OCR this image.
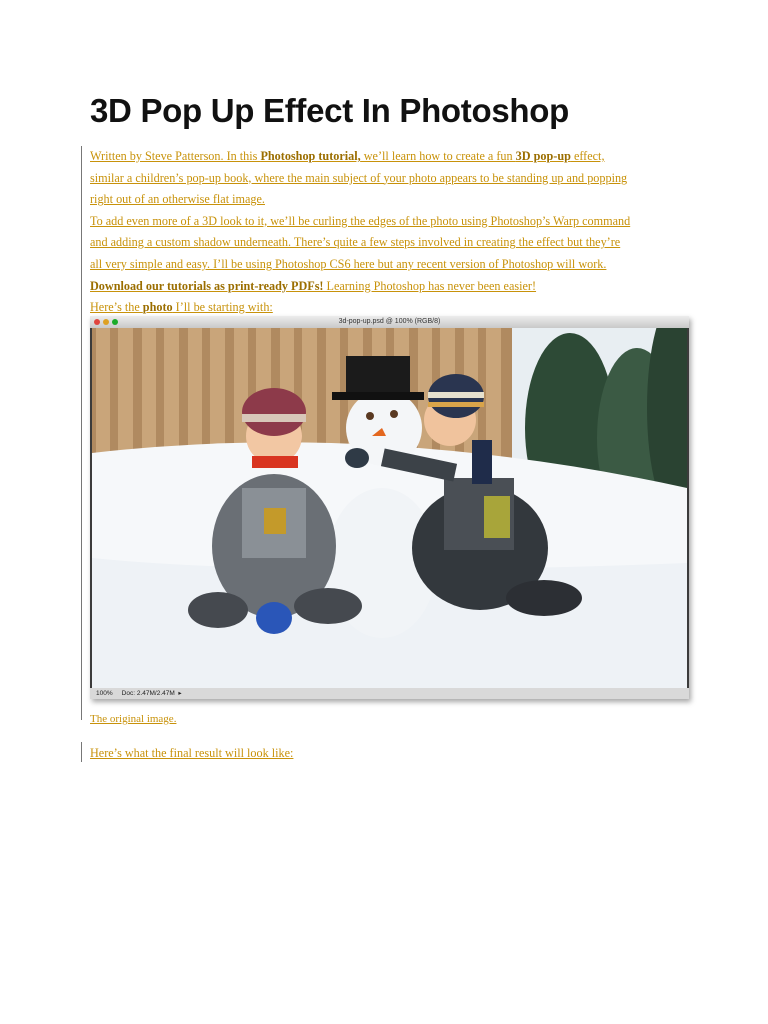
3D Pop Up Effect In Photoshop
Written by Steve Patterson. In this Photoshop tutorial, we’ll learn how to create a fun 3D pop-up effect,
similar a children’s pop-up book, where the main subject of your photo appears to be standing up and popping
right out of an otherwise flat image.
To add even more of a 3D look to it, we’ll be curling the edges of the photo using Photoshop’s Warp command
and adding a custom shadow underneath. There’s quite a few steps involved in creating the effect but they’re
all very simple and easy. I’ll be using Photoshop CS6 here but any recent version of Photoshop will work.
Download our tutorials as print-ready PDFs! Learning Photoshop has never been easier!
Here’s the photo I’ll be starting with:
3d-pop-up.psd @ 100% (RGB/8)
100% Doc: 2.47M/2.47M ▸
The original image.
Here’s what the final result will look like:
